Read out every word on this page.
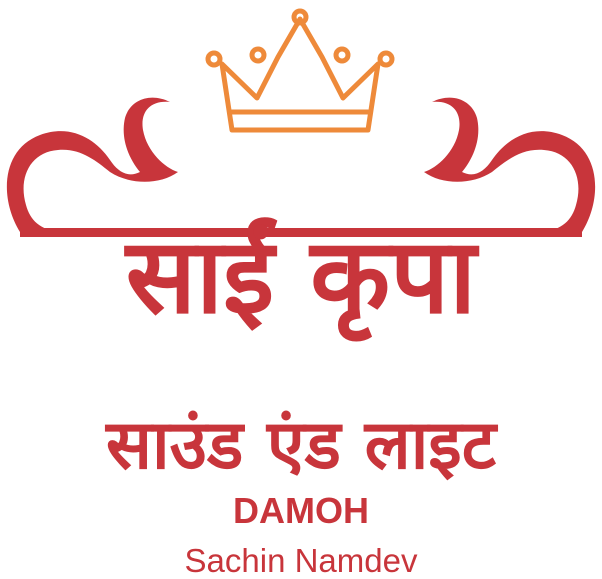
साईं कृपा
साउंड एंड लाइट
DAMOH
Sachin Namdev
